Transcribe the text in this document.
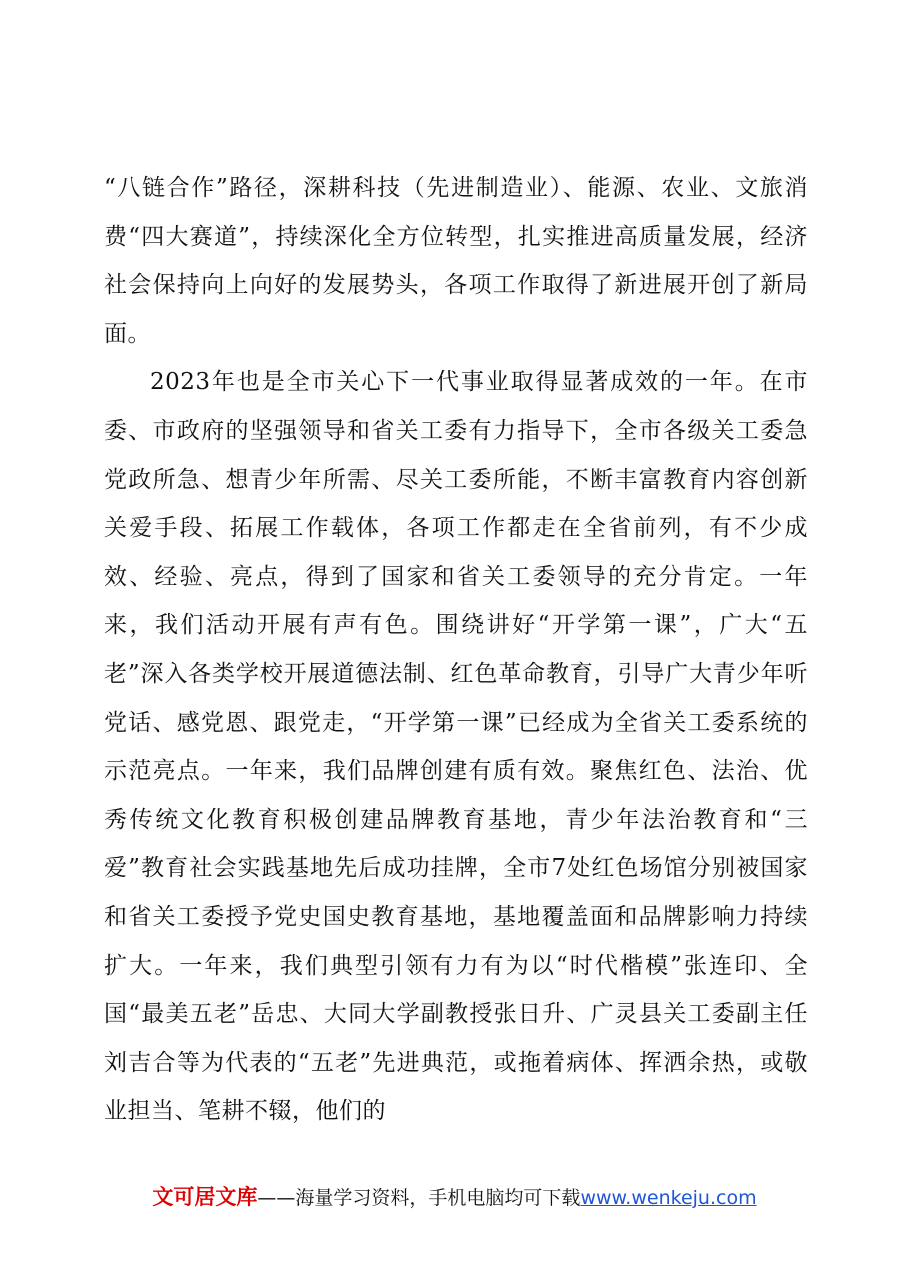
“八链合作”路径，深耕科技（先进制造业）、能源、农业、文旅消费“四大赛道”，持续深化全方位转型，扎实推进高质量发展，经济社会保持向上向好的发展势头，各项工作取得了新进展开创了新局面。

2023年也是全市关心下一代事业取得显著成效的一年。在市委、市政府的坚强领导和省关工委有力指导下，全市各级关工委急党政所急、想青少年所需、尽关工委所能，不断丰富教育内容创新关爱手段、拓展工作载体，各项工作都走在全省前列，有不少成效、经验、亮点，得到了国家和省关工委领导的充分肯定。一年来，我们活动开展有声有色。围绕讲好“开学第一课”，广大“五老”深入各类学校开展道德法制、红色革命教育，引导广大青少年听党话、感党恩、跟党走，“开学第一课”已经成为全省关工委系统的示范亮点。一年来，我们品牌创建有质有效。聚焦红色、法治、优秀传统文化教育积极创建品牌教育基地，青少年法治教育和“三爱”教育社会实践基地先后成功挂牌，全市7处红色场馆分别被国家和省关工委授予党史国史教育基地，基地覆盖面和品牌影响力持续扩大。一年来，我们典型引领有力有为以“时代楷模”张连印、全国“最美五老”岳忠、大同大学副教授张日升、广灵县关工委副主任刘吉合等为代表的“五老”先进典范，或拖着病体、挥洒余热，或敬业担当、笔耕不辍，他们的

文可居文库——海量学习资料，手机电脑均可下载www.wenkeju.com
